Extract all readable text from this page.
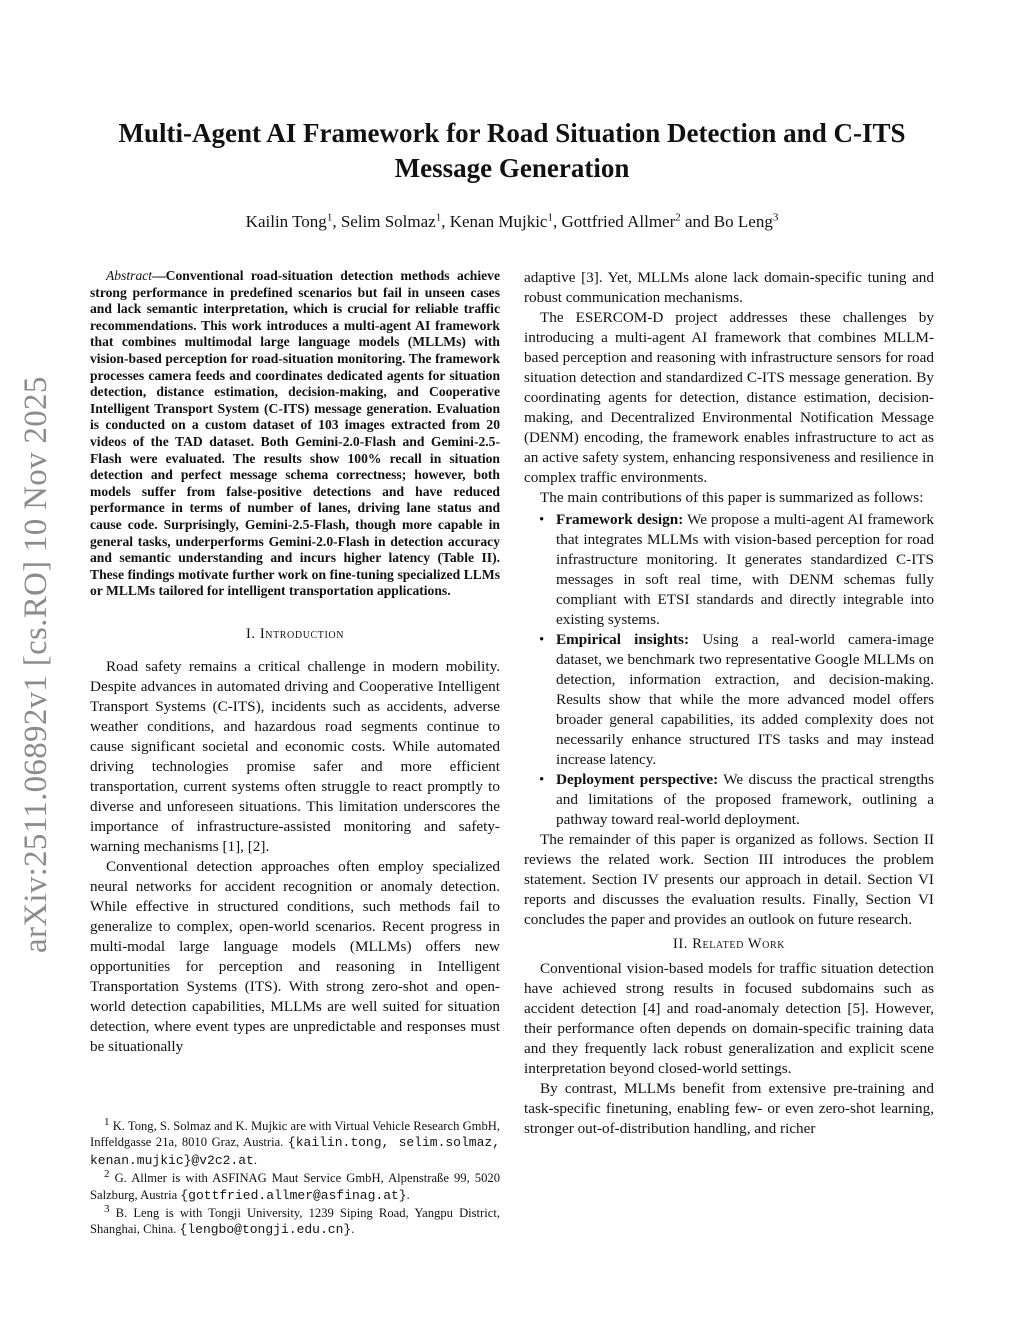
arXiv:2511.06892v1 [cs.RO] 10 Nov 2025
Multi-Agent AI Framework for Road Situation Detection and C-ITS
Message Generation
Kailin Tong$^1$, Selim Solmaz$^1$, Kenan Mujkic$^1$, Gottfried Allmer$^2$ and Bo Leng$^3$

Abstract—Conventional road-situation detection methods achieve strong performance in predefined scenarios but fail in unseen cases and lack semantic interpretation, which is crucial for reliable traffic recommendations. This work introduces a multi-agent AI framework that combines multimodal large language models (MLLMs) with vision-based perception for road-situation monitoring. The framework processes camera feeds and coordinates dedicated agents for situation detection, distance estimation, decision-making, and Cooperative Intelligent Transport System (C-ITS) message generation. Evaluation is conducted on a custom dataset of 103 images extracted from 20 videos of the TAD dataset. Both Gemini-2.0-Flash and Gemini-2.5-Flash were evaluated. The results show 100% recall in situation detection and perfect message schema correctness; however, both models suffer from false-positive detections and have reduced performance in terms of number of lanes, driving lane status and cause code. Surprisingly, Gemini-2.5-Flash, though more capable in general tasks, underperforms Gemini-2.0-Flash in detection accuracy and semantic understanding and incurs higher latency (Table II). These findings motivate further work on fine-tuning specialized LLMs or MLLMs tailored for intelligent transportation applications.

I. Introduction

Road safety remains a critical challenge in modern mobility. Despite advances in automated driving and Cooperative Intelligent Transport Systems (C-ITS), incidents such as accidents, adverse weather conditions, and hazardous road segments continue to cause significant societal and economic costs. While automated driving technologies promise safer and more efficient transportation, current systems often struggle to react promptly to diverse and unforeseen situations. This limitation underscores the importance of infrastructure-assisted monitoring and safety-warning mechanisms [1], [2].

Conventional detection approaches often employ specialized neural networks for accident recognition or anomaly detection. While effective in structured conditions, such methods fail to generalize to complex, open-world scenarios. Recent progress in multi-modal large language models (MLLMs) offers new opportunities for perception and reasoning in Intelligent Transportation Systems (ITS). With strong zero-shot and open-world detection capabilities, MLLMs are well suited for situation detection, where event types are unpredictable and responses must be situationally

$^1$ K. Tong, S. Solmaz and K. Mujkic are with Virtual Vehicle Research GmbH, Inffeldgasse 21a, 8010 Graz, Austria. {kailin.tong, selim.solmaz, kenan.mujkic}@v2c2.at.

$^2$ G. Allmer is with ASFINAG Maut Service GmbH, Alpenstraße 99, 5020 Salzburg, Austria {gottfried.allmer@asfinag.at}.

$^3$ B. Leng is with Tongji University, 1239 Siping Road, Yangpu District, Shanghai, China. {lengbo@tongji.edu.cn}.

adaptive [3]. Yet, MLLMs alone lack domain-specific tuning and robust communication mechanisms.

The ESERCOM-D project addresses these challenges by introducing a multi-agent AI framework that combines MLLM-based perception and reasoning with infrastructure sensors for road situation detection and standardized C-ITS message generation. By coordinating agents for detection, distance estimation, decision-making, and Decentralized Environmental Notification Message (DENM) encoding, the framework enables infrastructure to act as an active safety system, enhancing responsiveness and resilience in complex traffic environments.

The main contributions of this paper is summarized as follows:

• Framework design: We propose a multi-agent AI framework that integrates MLLMs with vision-based perception for road infrastructure monitoring. It generates standardized C-ITS messages in soft real time, with DENM schemas fully compliant with ETSI standards and directly integrable into existing systems.
• Empirical insights: Using a real-world camera-image dataset, we benchmark two representative Google MLLMs on detection, information extraction, and decision-making. Results show that while the more advanced model offers broader general capabilities, its added complexity does not necessarily enhance structured ITS tasks and may instead increase latency.
• Deployment perspective: We discuss the practical strengths and limitations of the proposed framework, outlining a pathway toward real-world deployment.

The remainder of this paper is organized as follows. Section II reviews the related work. Section III introduces the problem statement. Section IV presents our approach in detail. Section VI reports and discusses the evaluation results. Finally, Section VI concludes the paper and provides an outlook on future research.

II. Related Work

Conventional vision-based models for traffic situation detection have achieved strong results in focused subdomains such as accident detection [4] and road-anomaly detection [5]. However, their performance often depends on domain-specific training data and they frequently lack robust generalization and explicit scene interpretation beyond closed-world settings.

By contrast, MLLMs benefit from extensive pre-training and task-specific finetuning, enabling few- or even zero-shot learning, stronger out-of-distribution handling, and richer
